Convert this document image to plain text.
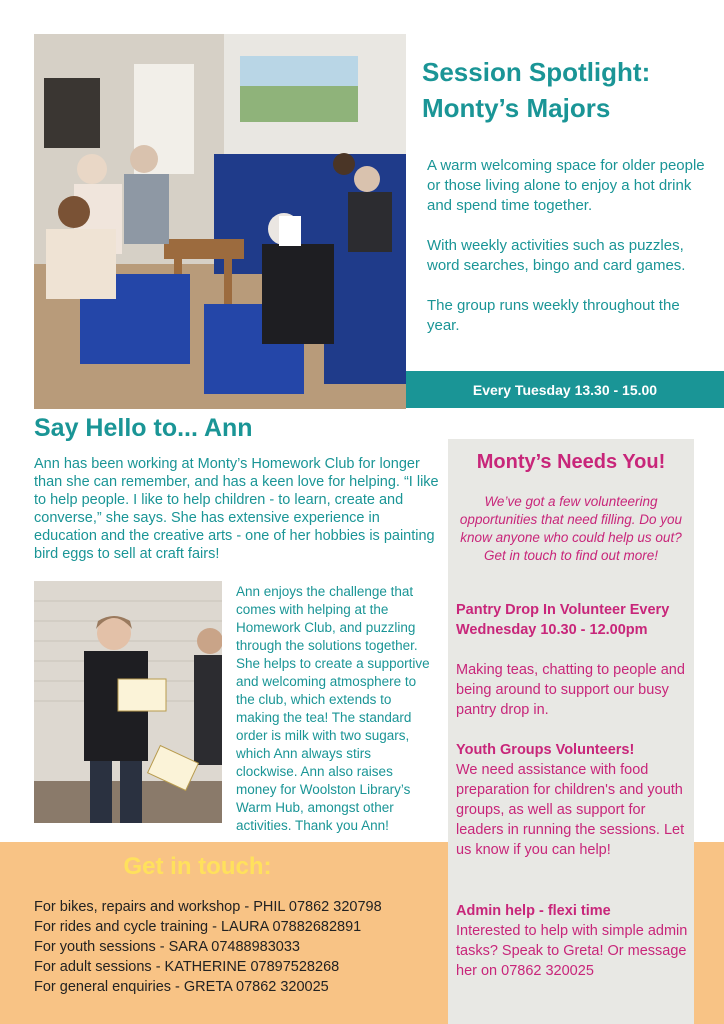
Session Spotlight:
Monty’s Majors
A warm welcoming space for older people or those living alone to enjoy a hot drink and spend time together.
With weekly activities such as puzzles, word searches, bingo and card games.
The group runs weekly throughout the year.
Every Tuesday 13.30 - 15.00
Say Hello to... Ann
Ann has been working at Monty’s Homework Club for longer than she can remember, and has a keen love for helping. “I like to help people. I like to help children - to learn, create and converse,” she says. She has extensive experience in education and the creative arts - one of her hobbies is painting bird eggs to sell at craft fairs!
Ann enjoys the challenge that comes with helping at the Homework Club, and puzzling through the solutions together. She helps to create a supportive and welcoming atmosphere to the club, which extends to making the tea! The standard order is milk with two sugars, which Ann always stirs clockwise. Ann also raises money for Woolston Library’s Warm Hub, amongst other activities. Thank you Ann!
Get in touch:
For bikes, repairs and workshop - PHIL 07862 320798
For rides and cycle training - LAURA 07882682891
For youth sessions - SARA 07488983033
For adult sessions - KATHERINE 07897528268
For general enquiries - GRETA 07862 320025
Monty’s Needs You!
We’ve got a few volunteering opportunities that need filling. Do you know anyone who could help us out? Get in touch to find out more!
Pantry Drop In Volunteer Every Wednesday 10.30 - 12.00pm
Making teas, chatting to people and being around to support our busy pantry drop in.
Youth Groups Volunteers!
We need assistance with food preparation for children's and youth groups, as well as support for leaders in running the sessions. Let us know if you can help!
Admin help - flexi time
Interested to help with simple admin tasks? Speak to Greta! Or message her on 07862 320025
